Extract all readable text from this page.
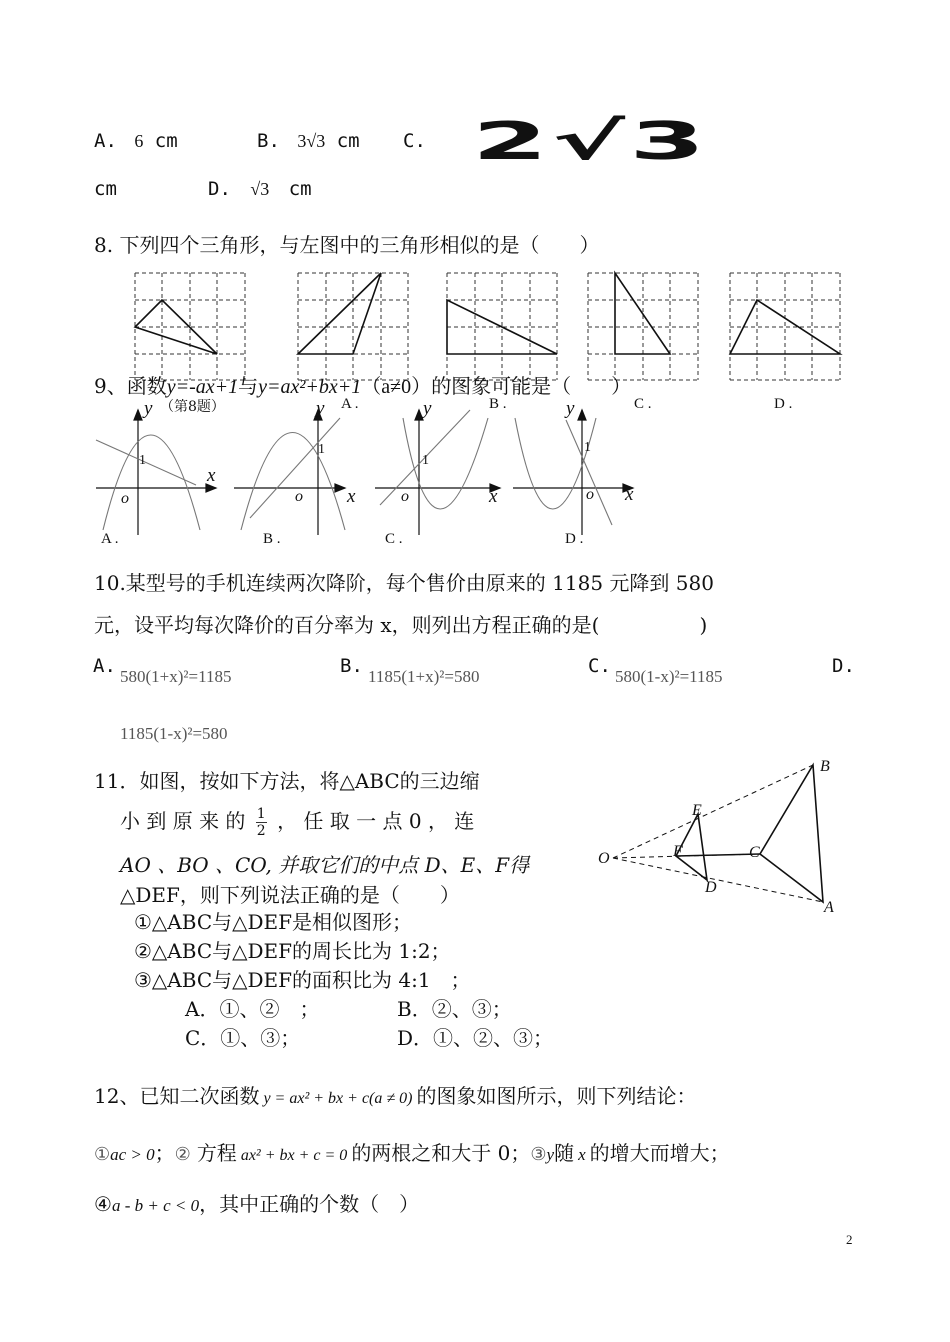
A. 6 cm	B. 3√3 cm C. 2√3
cm	D. √3 cm
8. 下列四个三角形，与左图中的三角形相似的是（　　）
（第8题）	A .	B .	C .	D .
9、函数y=-ax+1与y=ax²+bx+1（a≠0）的图象可能是（　　）
y
x
1
o
y
x
1
o
y
x
1
o
y
x
1
o
A .	B .	C .	D .
10.某型号的手机连续两次降阶，每个售价由原来的 1185 元降到 580
元，设平均每次降价的百分率为 x，则列出方程正确的是(　　　　　)
A. 580(1+x)²=1185	B. 1185(1+x)²=580	C. 580(1-x)²=1185	D.
1185(1-x)²=580
11．如图，按如下方法，将△ABC的三边缩
小 到 原 来 的 $\frac{1}{2}$ ， 任 取 一 点 0 ， 连
AO 、BO 、CO, 并取它们的中点 D、E、F得
△DEF，则下列说法正确的是（　　）
①△ABC与△DEF是相似图形；
②△ABC与△DEF的周长比为 1:2；
③△ABC与△DEF的面积比为 4:1　；
A．①、②　；	B．②、③；
C．①、③；	D．①、②、③；
B
E
O	F	C
D
A
12、已知二次函数 y = ax² + bx + c(a ≠ 0) 的图象如图所示，则下列结论：
①ac > 0；② 方程 ax² + bx + c = 0 的两根之和大于 0；③y随 x 的增大而增大；
④a - b + c < 0，其中正确的个数（　）
2
